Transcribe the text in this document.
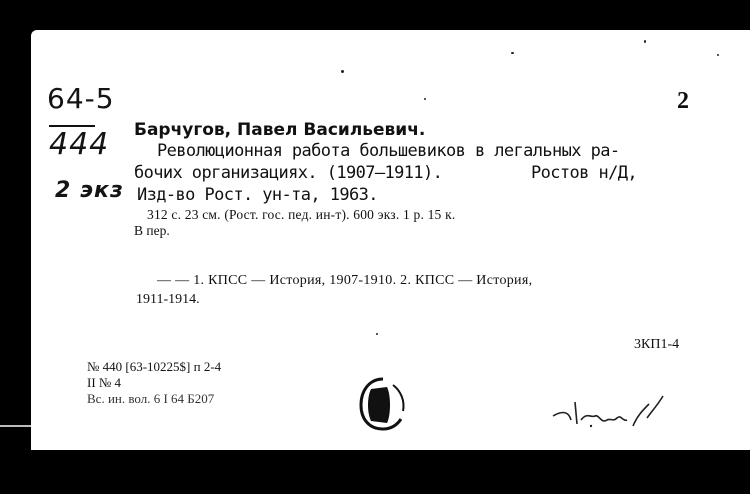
64-5
444
2 экз
2
Барчугов, Павел Васильевич.
Революционная работа большевиков в легальных ра-
бочих организациях. (1907—1911).	Ростов н/Д,
Изд-во Рост. ун-та, 1963.
312 с. 23 см. (Рост. гос. пед. ин-т). 600 экз. 1 р. 15 к.
В пер.
— — 1. КПСС — История, 1907-1910. 2. КПСС — История,
1911-1914.
3КП1-4
№ 440 [63-10225$] п 2-4
II № 4
Вс. ин. вол. 6 I 64 Б207
